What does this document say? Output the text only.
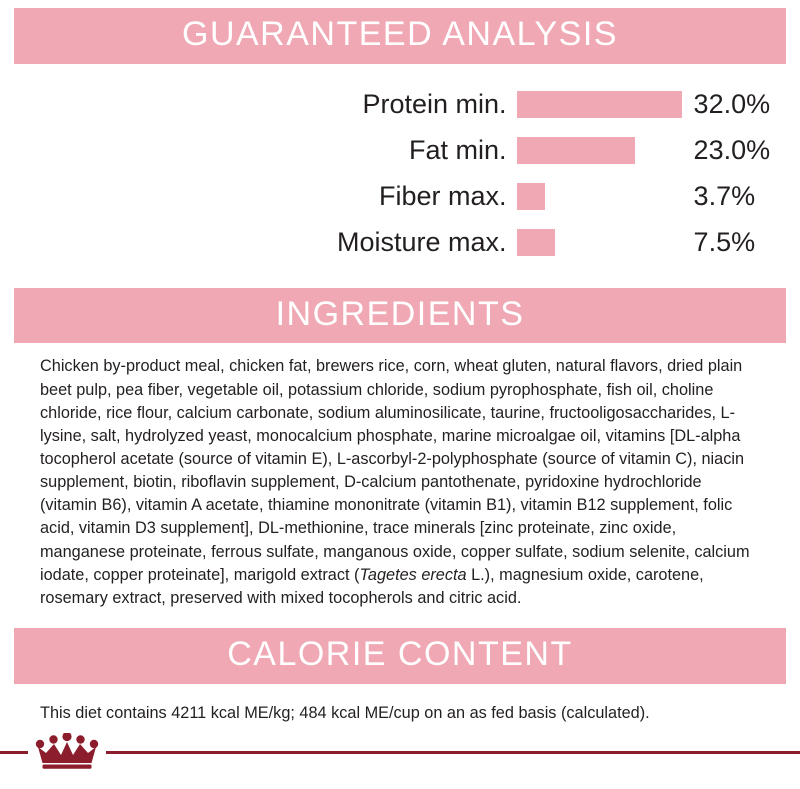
GUARANTEED ANALYSIS
	Protein min.		32.0%
	Fat min.		23.0%
	Fiber max.		3.7%
	Moisture max.		7.5%
INGREDIENTS
Chicken by-product meal, chicken fat, brewers rice, corn, wheat gluten, natural flavors, dried plain beet pulp, pea fiber, vegetable oil, potassium chloride, sodium pyrophosphate, fish oil, choline chloride, rice flour, calcium carbonate, sodium aluminosilicate, taurine, fructooligosaccharides, L-lysine, salt, hydrolyzed yeast, monocalcium phosphate, marine microalgae oil, vitamins [DL-alpha tocopherol acetate (source of vitamin E), L-ascorbyl-2-polyphosphate (source of vitamin C), niacin supplement, biotin, riboflavin supplement, D-calcium pantothenate, pyridoxine hydrochloride (vitamin B6), vitamin A acetate, thiamine mononitrate (vitamin B1), vitamin B12 supplement, folic acid, vitamin D3 supplement], DL-methionine, trace minerals [zinc proteinate, zinc oxide, manganese proteinate, ferrous sulfate, manganous oxide, copper sulfate, sodium selenite, calcium iodate, copper proteinate], marigold extract (Tagetes erecta L.), magnesium oxide, carotene, rosemary extract, preserved with mixed tocopherols and citric acid.
CALORIE CONTENT
This diet contains 4211 kcal ME/kg; 484 kcal ME/cup on an as fed basis (calculated).
